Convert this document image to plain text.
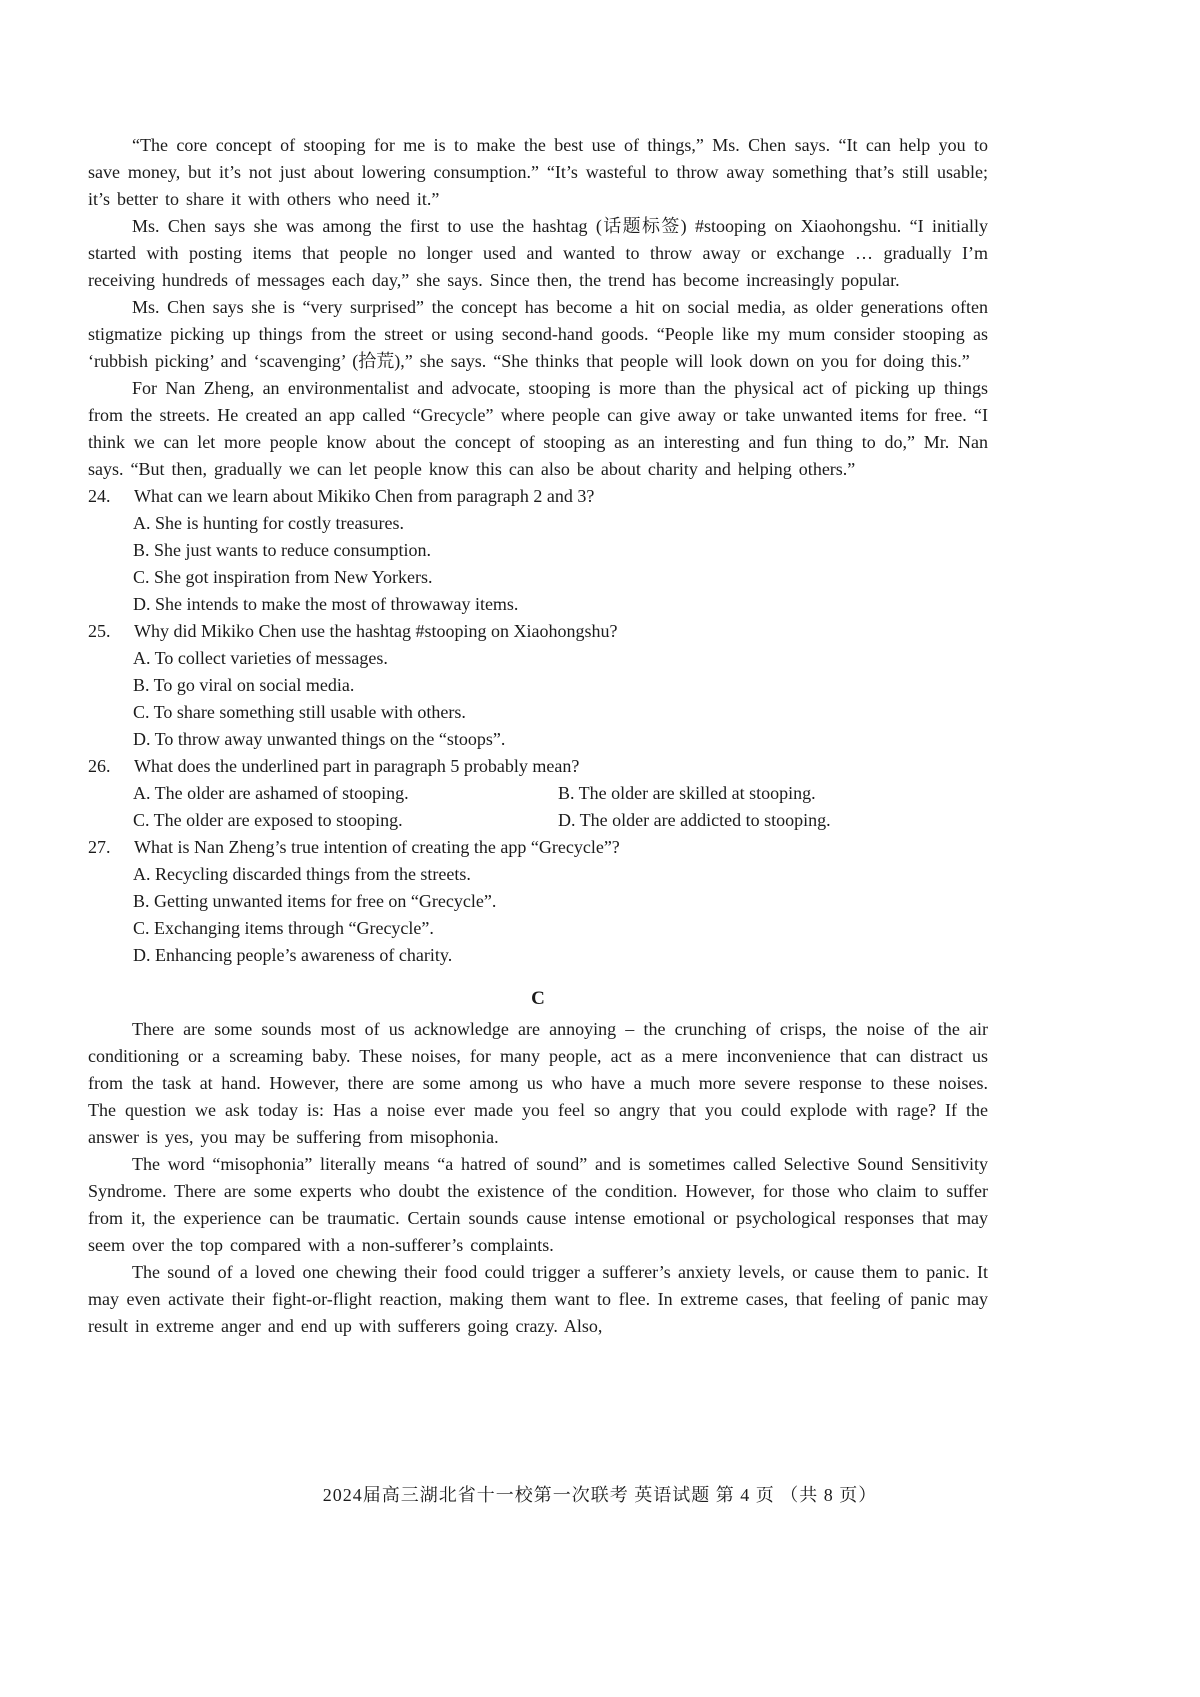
“The core concept of stooping for me is to make the best use of things,” Ms. Chen says. “It can help you to save money, but it’s not just about lowering consumption.” “It’s wasteful to throw away something that’s still usable; it’s better to share it with others who need it.”

Ms. Chen says she was among the first to use the hashtag (话题标签) #stooping on Xiaohongshu. “I initially started with posting items that people no longer used and wanted to throw away or exchange … gradually I’m receiving hundreds of messages each day,” she says. Since then, the trend has become increasingly popular.

Ms. Chen says she is “very surprised” the concept has become a hit on social media, as older generations often stigmatize picking up things from the street or using second-hand goods. “People like my mum consider stooping as ‘rubbish picking’ and ‘scavenging’ (拾荒),” she says. “She thinks that people will look down on you for doing this.”

For Nan Zheng, an environmentalist and advocate, stooping is more than the physical act of picking up things from the streets. He created an app called “Grecycle” where people can give away or take unwanted items for free. “I think we can let more people know about the concept of stooping as an interesting and fun thing to do,” Mr. Nan says. “But then, gradually we can let people know this can also be about charity and helping others.”

24.	What can we learn about Mikiko Chen from paragraph 2 and 3?
A. She is hunting for costly treasures.
B. She just wants to reduce consumption.
C. She got inspiration from New Yorkers.
D. She intends to make the most of throwaway items.
25.	Why did Mikiko Chen use the hashtag #stooping on Xiaohongshu?
A. To collect varieties of messages.
B. To go viral on social media.
C. To share something still usable with others.
D. To throw away unwanted things on the “stoops”.
26.	What does the underlined part in paragraph 5 probably mean?
A. The older are ashamed of stooping.	B. The older are skilled at stooping.
C. The older are exposed to stooping.	D. The older are addicted to stooping.
27.	What is Nan Zheng’s true intention of creating the app “Grecycle”?
A. Recycling discarded things from the streets.
B. Getting unwanted items for free on “Grecycle”.
C. Exchanging items through “Grecycle”.
D. Enhancing people’s awareness of charity.
C

There are some sounds most of us acknowledge are annoying – the crunching of crisps, the noise of the air conditioning or a screaming baby. These noises, for many people, act as a mere inconvenience that can distract us from the task at hand. However, there are some among us who have a much more severe response to these noises. The question we ask today is: Has a noise ever made you feel so angry that you could explode with rage? If the answer is yes, you may be suffering from misophonia.

The word “misophonia” literally means “a hatred of sound” and is sometimes called Selective Sound Sensitivity Syndrome. There are some experts who doubt the existence of the condition. However, for those who claim to suffer from it, the experience can be traumatic. Certain sounds cause intense emotional or psychological responses that may seem over the top compared with a non-sufferer’s complaints.

The sound of a loved one chewing their food could trigger a sufferer’s anxiety levels, or cause them to panic. It may even activate their fight-or-flight reaction, making them want to flee. In extreme cases, that feeling of panic may result in extreme anger and end up with sufferers going crazy. Also,

2024届高三湖北省十一校第一次联考 英语试题 第 4 页 （共 8 页）
